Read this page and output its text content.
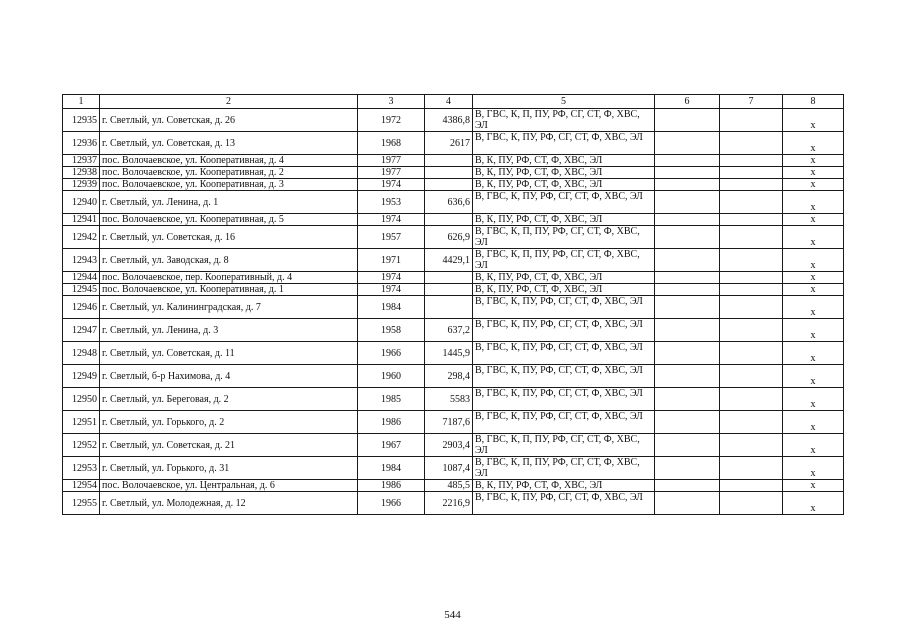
1	2	3	4	5	6	7	8
12935	г. Светлый, ул. Советская, д. 26	1972	4386,8	В, ГВС, К, П, ПУ, РФ, СГ, СТ, Ф, ХВС, ЭЛ			x
12936	г. Светлый, ул. Советская, д. 13	1968	2617	В, ГВС, К, ПУ, РФ, СГ, СТ, Ф, ХВС, ЭЛ			x
12937	пос. Волочаевское, ул. Кооперативная, д. 4	1977		В, К, ПУ, РФ, СТ, Ф, ХВС, ЭЛ			x
12938	пос. Волочаевское, ул. Кооперативная, д. 2	1977		В, К, ПУ, РФ, СТ, Ф, ХВС, ЭЛ			x
12939	пос. Волочаевское, ул. Кооперативная, д. 3	1974		В, К, ПУ, РФ, СТ, Ф, ХВС, ЭЛ			x
12940	г. Светлый, ул. Ленина, д. 1	1953	636,6	В, ГВС, К, ПУ, РФ, СГ, СТ, Ф, ХВС, ЭЛ			x
12941	пос. Волочаевское, ул. Кооперативная, д. 5	1974		В, К, ПУ, РФ, СТ, Ф, ХВС, ЭЛ			x
12942	г. Светлый, ул. Советская, д. 16	1957	626,9	В, ГВС, К, П, ПУ, РФ, СГ, СТ, Ф, ХВС, ЭЛ			x
12943	г. Светлый, ул. Заводская, д. 8	1971	4429,1	В, ГВС, К, П, ПУ, РФ, СГ, СТ, Ф, ХВС, ЭЛ			x
12944	пос. Волочаевское, пер. Кооперативный, д. 4	1974		В, К, ПУ, РФ, СТ, Ф, ХВС, ЭЛ			x
12945	пос. Волочаевское, ул. Кооперативная, д. 1	1974		В, К, ПУ, РФ, СТ, Ф, ХВС, ЭЛ			x
12946	г. Светлый, ул. Калининградская, д. 7	1984		В, ГВС, К, ПУ, РФ, СГ, СТ, Ф, ХВС, ЭЛ			x
12947	г. Светлый, ул. Ленина, д. 3	1958	637,2	В, ГВС, К, ПУ, РФ, СГ, СТ, Ф, ХВС, ЭЛ			x
12948	г. Светлый, ул. Советская, д. 11	1966	1445,9	В, ГВС, К, ПУ, РФ, СГ, СТ, Ф, ХВС, ЭЛ			x
12949	г. Светлый, б-р Нахимова, д. 4	1960	298,4	В, ГВС, К, ПУ, РФ, СГ, СТ, Ф, ХВС, ЭЛ			x
12950	г. Светлый, ул. Береговая, д. 2	1985	5583	В, ГВС, К, ПУ, РФ, СГ, СТ, Ф, ХВС, ЭЛ			x
12951	г. Светлый, ул. Горького, д. 2	1986	7187,6	В, ГВС, К, ПУ, РФ, СГ, СТ, Ф, ХВС, ЭЛ			x
12952	г. Светлый, ул. Советская, д. 21	1967	2903,4	В, ГВС, К, П, ПУ, РФ, СГ, СТ, Ф, ХВС, ЭЛ			x
12953	г. Светлый, ул. Горького, д. 31	1984	1087,4	В, ГВС, К, П, ПУ, РФ, СГ, СТ, Ф, ХВС, ЭЛ			x
12954	пос. Волочаевское, ул. Центральная, д. 6	1986	485,5	В, К, ПУ, РФ, СТ, Ф, ХВС, ЭЛ			x
12955	г. Светлый, ул. Молодежная, д. 12	1966	2216,9	В, ГВС, К, ПУ, РФ, СГ, СТ, Ф, ХВС, ЭЛ			x
544
